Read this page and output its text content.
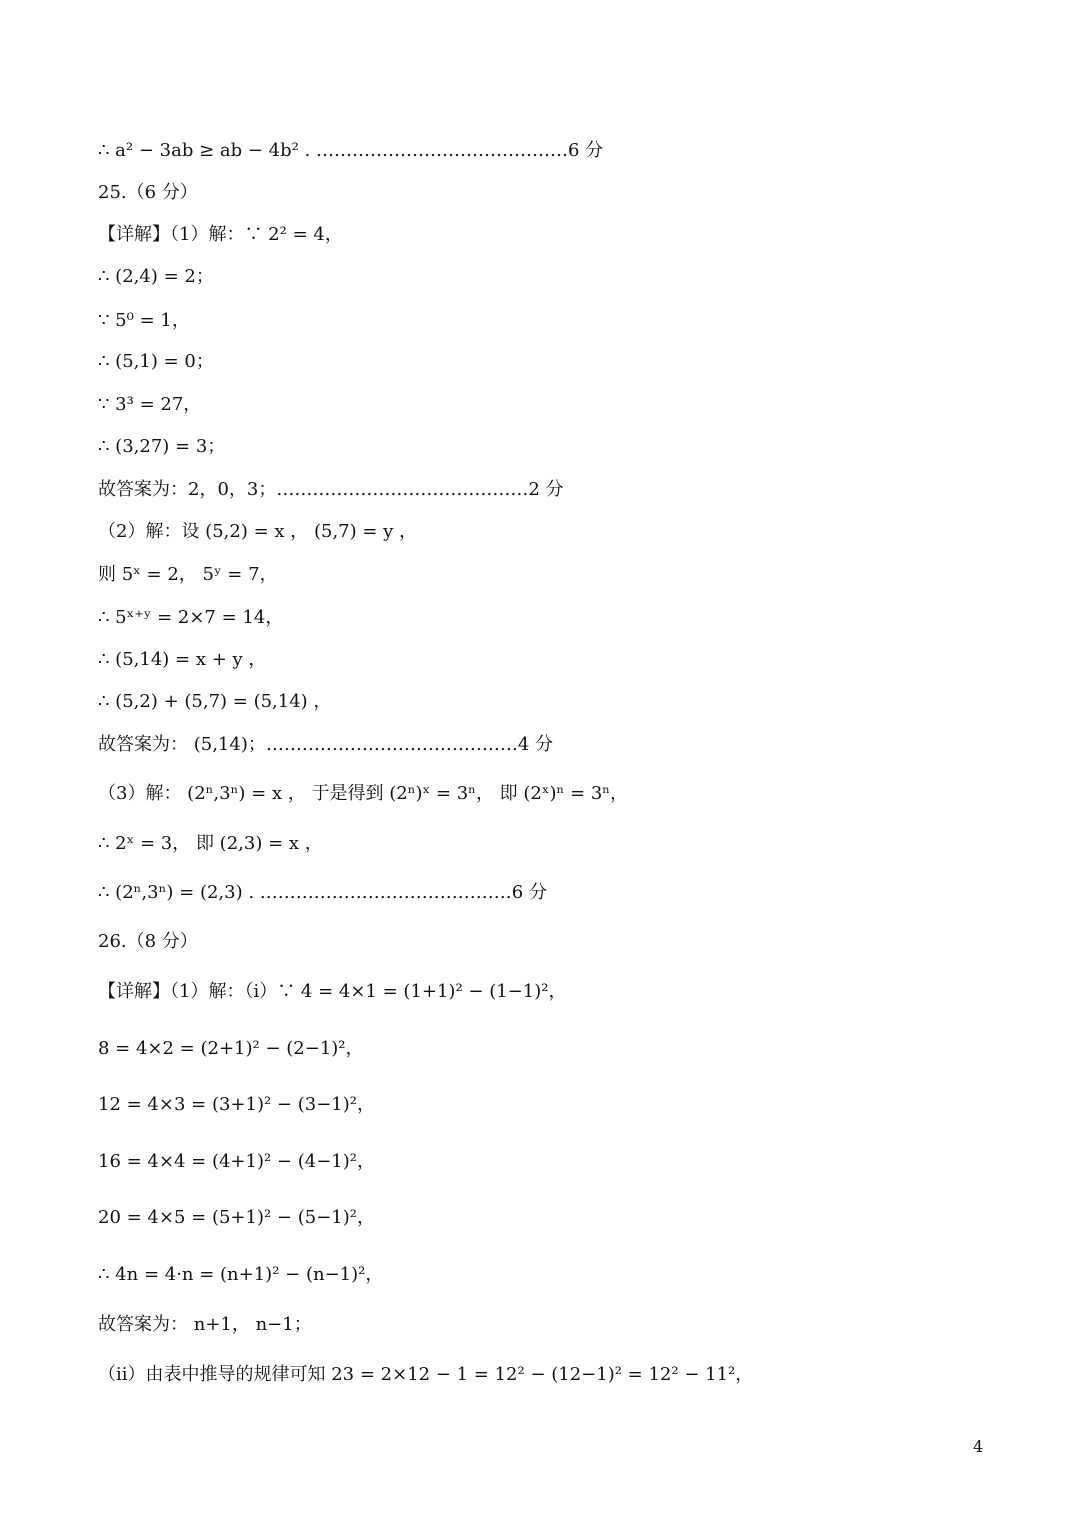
∴ a² − 3ab ≥ ab − 4b² . ……………………………………6 分
25.（6 分）
【详解】（1）解：∵ 2² = 4，
∴ (2,4) = 2；
∵ 5⁰ = 1，
∴ (5,1) = 0；
∵ 3³ = 27，
∴ (3,27) = 3；
故答案为：2，0，3；……………………………………2 分
（2）解：设 (5,2) = x ， (5,7) = y ，
则 5ˣ = 2， 5ʸ = 7，
∴ 5ˣ⁺ʸ = 2×7 = 14，
∴ (5,14) = x + y ，
∴ (5,2) + (5,7) = (5,14) ，
故答案为： (5,14)；……………………………………4 分
（3）解： (2ⁿ,3ⁿ) = x ， 于是得到 (2ⁿ)ˣ = 3ⁿ， 即 (2ˣ)ⁿ = 3ⁿ，
∴ 2ˣ = 3， 即 (2,3) = x ，
∴ (2ⁿ,3ⁿ) = (2,3) . ……………………………………6 分
26.（8 分）
【详解】（1）解：（i）∵ 4 = 4×1 = (1+1)² − (1−1)²，
8 = 4×2 = (2+1)² − (2−1)²，
12 = 4×3 = (3+1)² − (3−1)²，
16 = 4×4 = (4+1)² − (4−1)²，
20 = 4×5 = (5+1)² − (5−1)²，
∴ 4n = 4·n = (n+1)² − (n−1)²，
故答案为： n+1， n−1；
（ii）由表中推导的规律可知 23 = 2×12 − 1 = 12² − (12−1)² = 12² − 11²，
4
